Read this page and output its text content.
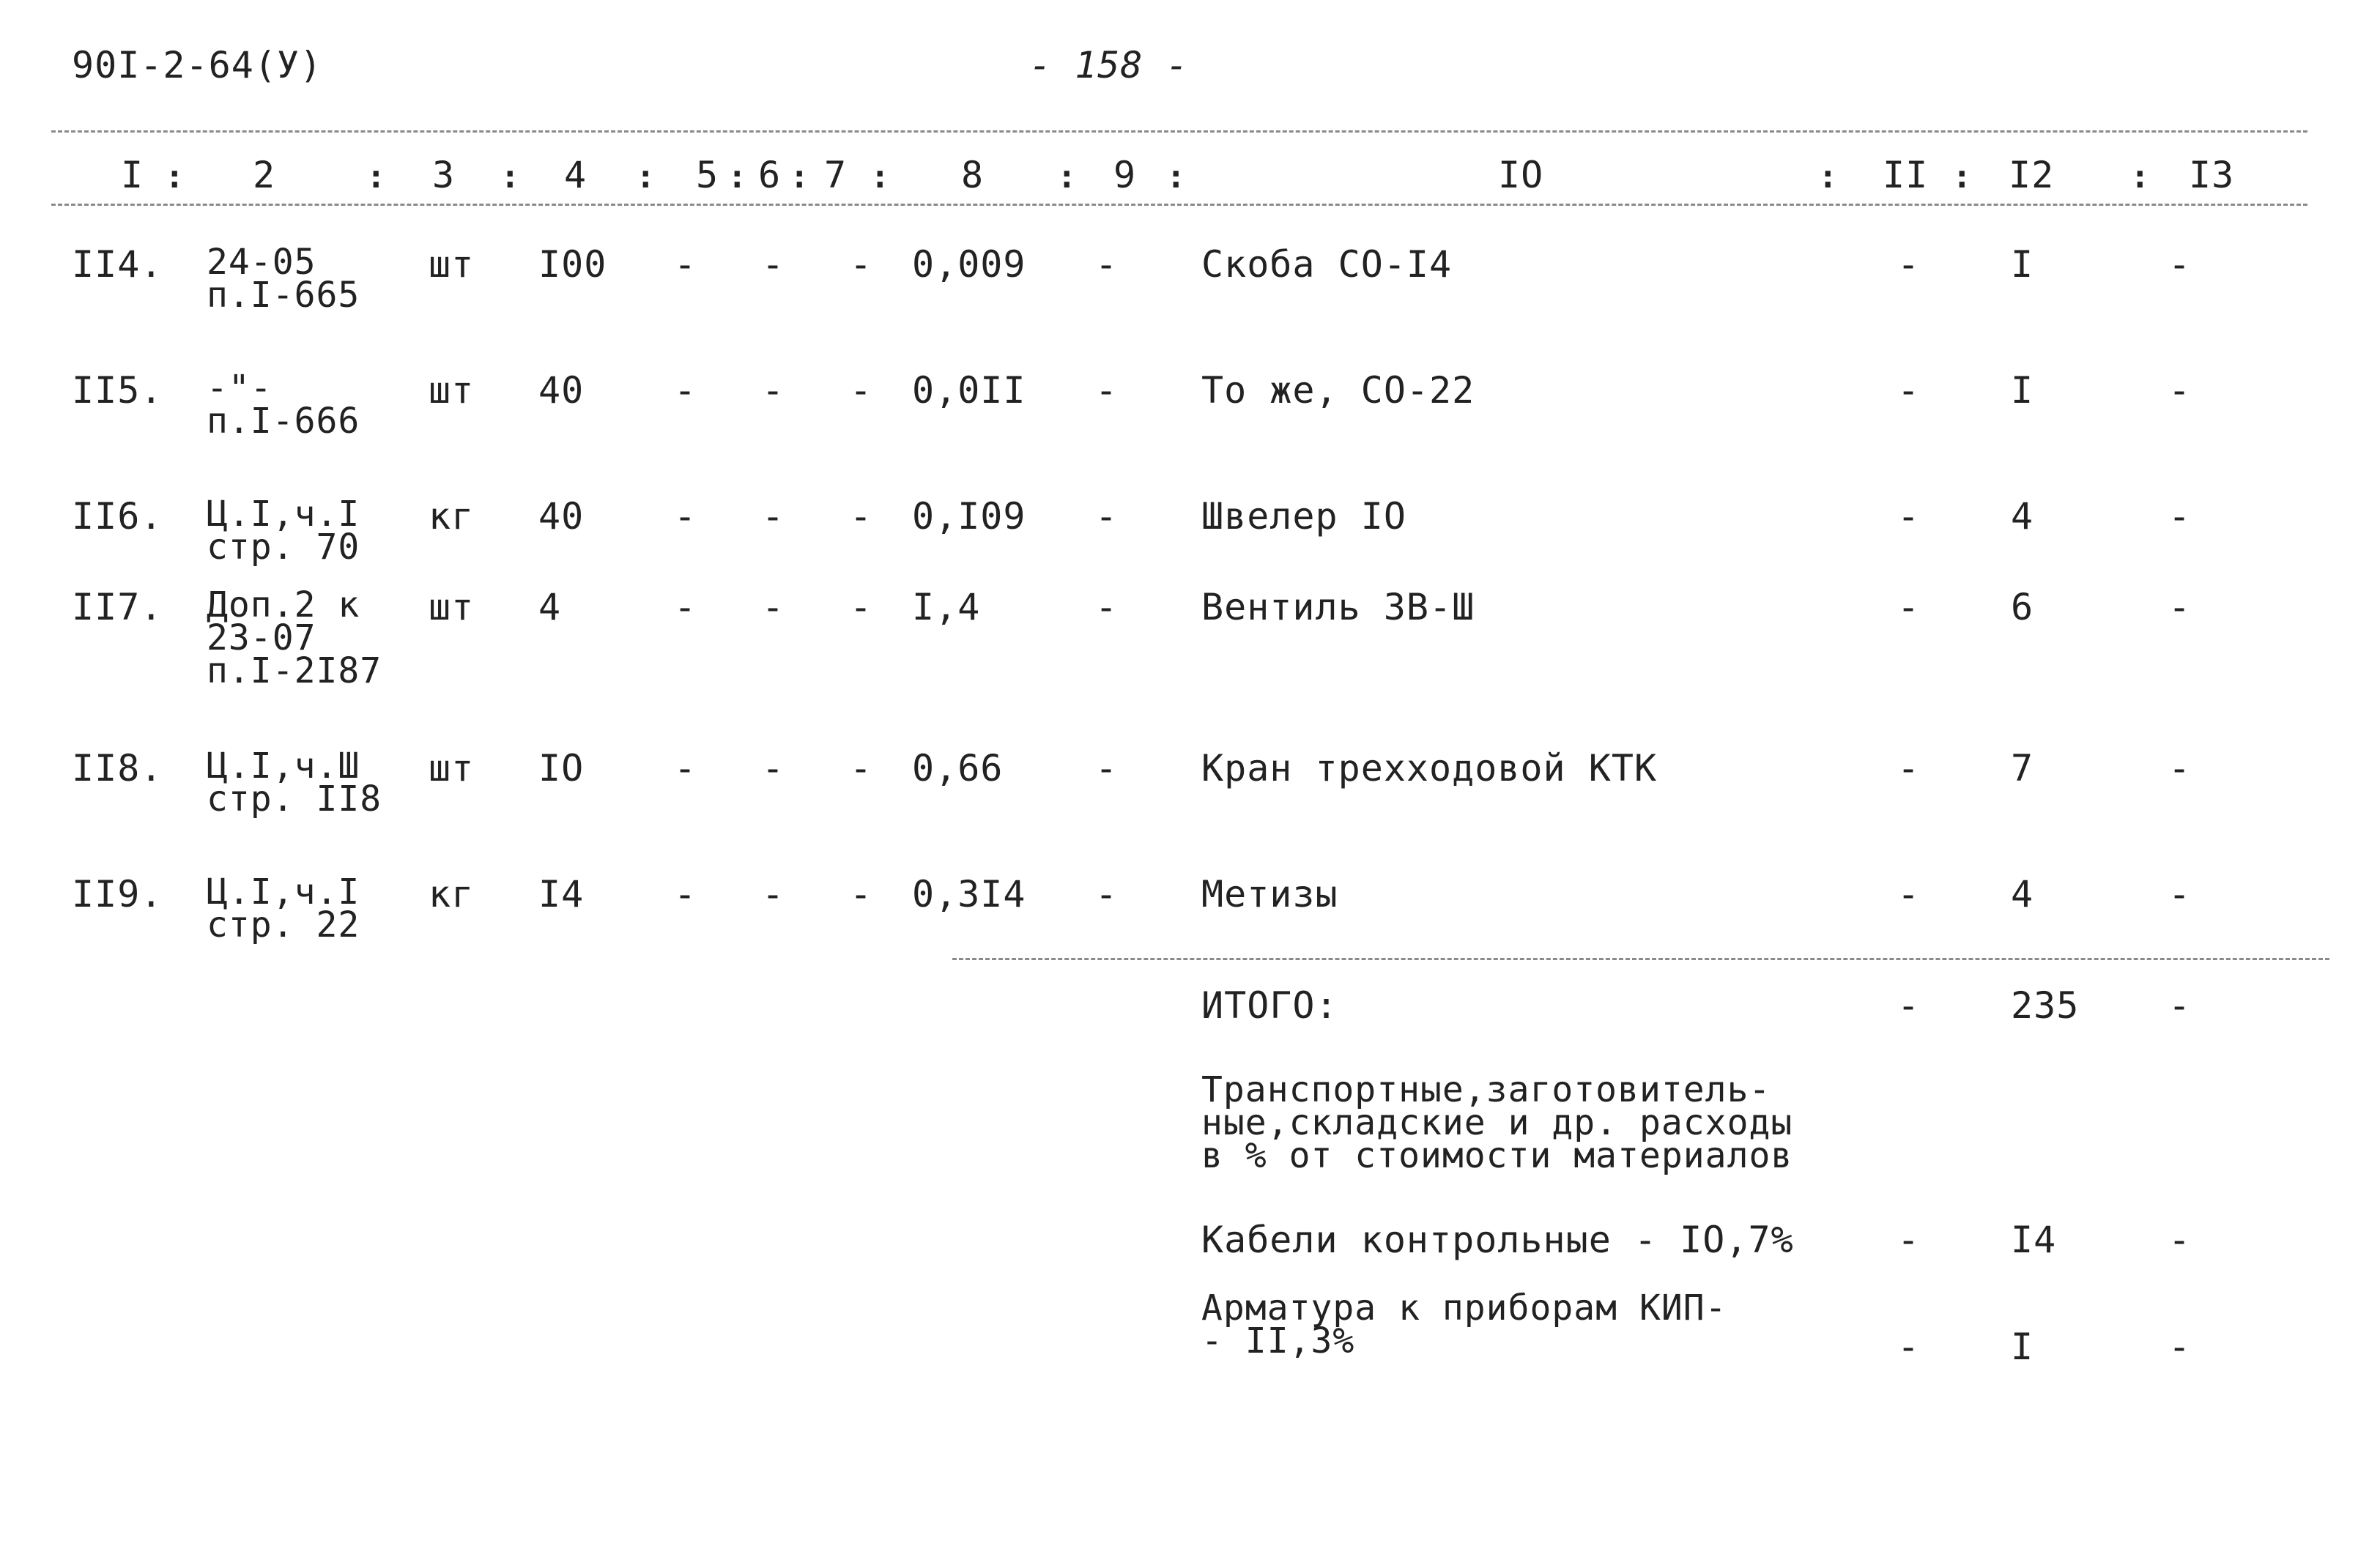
90I-2-64(У)	- 158 -
I : 2	: 3 : 4 : 5 : 6 : 7 : 8 : 9 :	IO	: II : I2 : I3
II4. 24-05
п.I-665
шт I00 - - - 0,009 - Скоба СО-I4	- I	-
II5. -"-
п.I-666
шт 40 - - - 0,0II - То же, СО-22	- I	-
II6. Ц.I,ч.I
стр. 70
кг 40 - - - 0,I09 - Швелер IO	- 4	-
II7. Доп.2 к
23-07
п.I-2I87
шт 4	- - - I,4	- Вентиль 3В-Ш	- 6	-
II8. Ц.I,ч.Ш
стр. II8
шт IO - - - 0,66	- Кран трехходовой КТК	- 7	-
II9. Ц.I,ч.I
стр. 22
кг I4 - - - 0,3I4 - Метизы	- 4	-
ИТОГО:	- 235 -
Транспортные,заготовитель-
ные,складские и др. расходы
в % от стоимости материалов
Кабели контрольные - IO,7%	- I4	-
Арматура к приборам КИП-
- II,3%	- I	-
